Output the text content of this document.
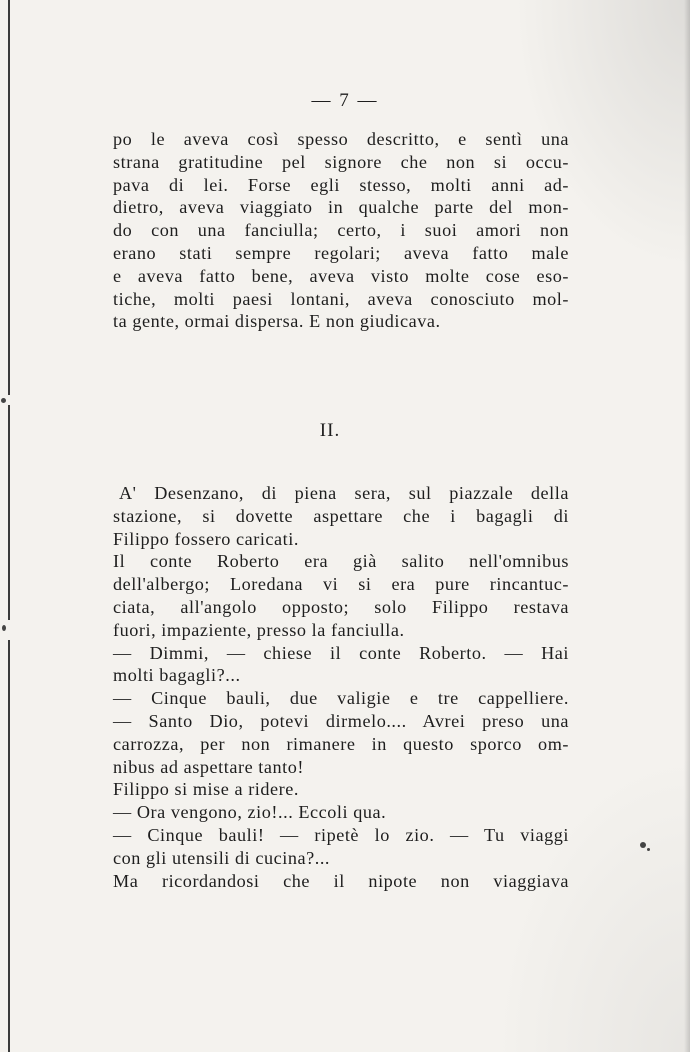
— 7 —
po le aveva così spesso descritto, e sentì una
strana gratitudine pel signore che non si occu-
pava di lei. Forse egli stesso, molti anni ad-
dietro, aveva viaggiato in qualche parte del mon-
do con una fanciulla; certo, i suoi amori non
erano stati sempre regolari; aveva fatto male
e aveva fatto bene, aveva visto molte cose eso-
tiche, molti paesi lontani, aveva conosciuto mol-
ta gente, ormai dispersa. E non giudicava.
II.
A' Desenzano, di piena sera, sul piazzale della
stazione, si dovette aspettare che i bagagli di
Filippo fossero caricati.
Il conte Roberto era già salito nell'omnibus
dell'albergo; Loredana vi si era pure rincantuc-
ciata, all'angolo opposto; solo Filippo restava
fuori, impaziente, presso la fanciulla.
— Dimmi, — chiese il conte Roberto. — Hai
molti bagagli?...
— Cinque bauli, due valigie e tre cappelliere.
— Santo Dio, potevi dirmelo.... Avrei preso una
carrozza, per non rimanere in questo sporco om-
nibus ad aspettare tanto!
Filippo si mise a ridere.
— Ora vengono, zio!... Eccoli qua.
— Cinque bauli! — ripetè lo zio. — Tu viaggi
con gli utensili di cucina?...
Ma ricordandosi che il nipote non viaggiava
